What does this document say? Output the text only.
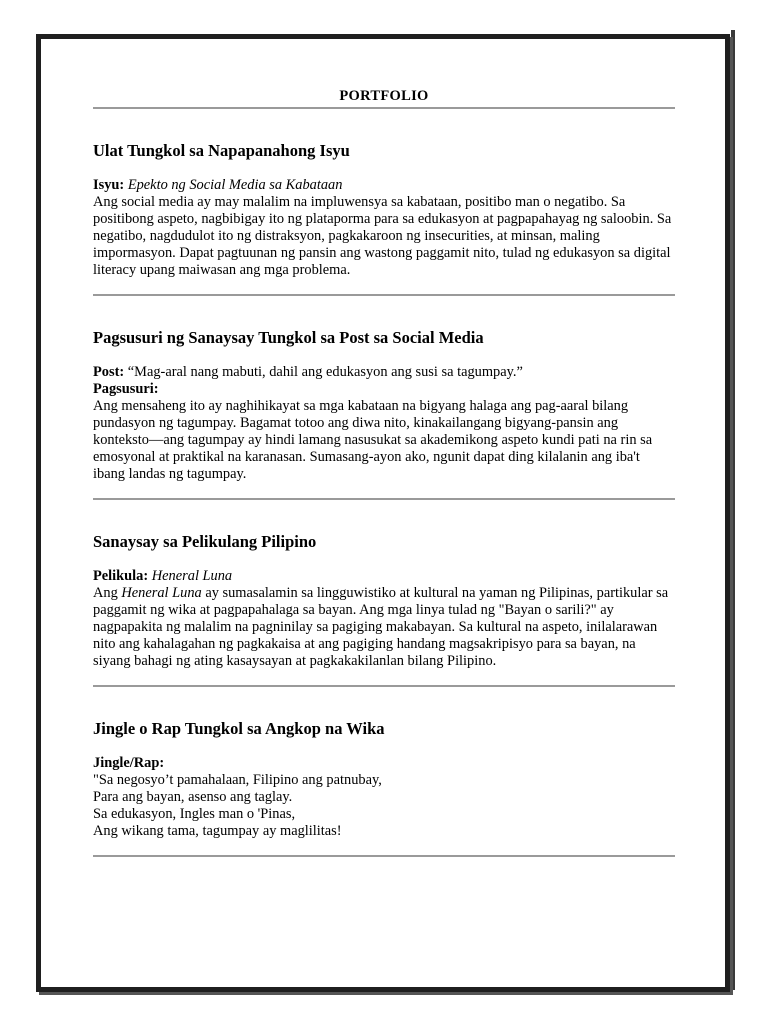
PORTFOLIO

Ulat Tungkol sa Napapanahong Isyu

Isyu: Epekto ng Social Media sa Kabataan

Ang social media ay may malalim na impluwensya sa kabataan, positibo man o negatibo. Sa positibong aspeto, nagbibigay ito ng plataporma para sa edukasyon at pagpapahayag ng saloobin. Sa negatibo, nagdudulot ito ng distraksyon, pagkakaroon ng insecurities, at minsan, maling impormasyon. Dapat pagtuunan ng pansin ang wastong paggamit nito, tulad ng edukasyon sa digital literacy upang maiwasan ang mga problema.

Pagsusuri ng Sanaysay Tungkol sa Post sa Social Media

Post: “Mag-aral nang mabuti, dahil ang edukasyon ang susi sa tagumpay.”

Pagsusuri:

Ang mensaheng ito ay naghihikayat sa mga kabataan na bigyang halaga ang pag-aaral bilang pundasyon ng tagumpay. Bagamat totoo ang diwa nito, kinakailangang bigyang-pansin ang konteksto—ang tagumpay ay hindi lamang nasusukat sa akademikong aspeto kundi pati na rin sa emosyonal at praktikal na karanasan. Sumasang-ayon ako, ngunit dapat ding kilalanin ang iba't ibang landas ng tagumpay.

Sanaysay sa Pelikulang Pilipino

Pelikula: Heneral Luna

Ang Heneral Luna ay sumasalamin sa lingguwistiko at kultural na yaman ng Pilipinas, partikular sa paggamit ng wika at pagpapahalaga sa bayan. Ang mga linya tulad ng "Bayan o sarili?" ay nagpapakita ng malalim na pagninilay sa pagiging makabayan. Sa kultural na aspeto, inilalarawan nito ang kahalagahan ng pagkakaisa at ang pagiging handang magsakripisyo para sa bayan, na siyang bahagi ng ating kasaysayan at pagkakakilanlan bilang Pilipino.

Jingle o Rap Tungkol sa Angkop na Wika

Jingle/Rap:

"Sa negosyo’t pamahalaan, Filipino ang patnubay,

Para ang bayan, asenso ang taglay.

Sa edukasyon, Ingles man o 'Pinas,

Ang wikang tama, tagumpay ay maglilitas!
